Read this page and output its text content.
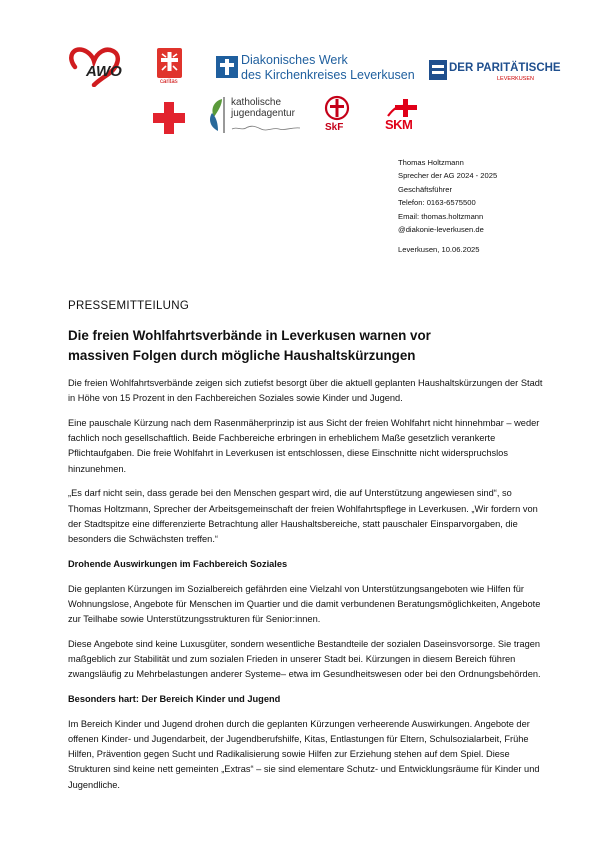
AWO
caritas
Diakonisches Werk
des Kirchenkreises Leverkusen	DER PARITÄTISCHE
LEVERKUSEN
katholische
jugendagentur
SkF	SKM
Thomas Holtzmann
Sprecher der AG 2024 - 2025
Geschäftsführer
Telefon: 0163-6575500
Email: thomas.holtzmann
@diakonie-leverkusen.de
Leverkusen, 10.06.2025
PRESSEMITTEILUNG
Die freien Wohlfahrtsverbände in Leverkusen warnen vor
massiven Folgen durch mögliche Haushaltskürzungen

Die freien Wohlfahrtsverbände zeigen sich zutiefst besorgt über die aktuell geplanten Haushaltskürzungen der Stadt in Höhe von 15 Prozent in den Fachbereichen Soziales sowie Kinder und Jugend.

Eine pauschale Kürzung nach dem Rasenmäherprinzip ist aus Sicht der freien Wohlfahrt nicht hinnehmbar – weder fachlich noch gesellschaftlich. Beide Fachbereiche erbringen in erheblichem Maße gesetzlich verankerte Pflichtaufgaben. Die freie Wohlfahrt in Leverkusen ist entschlossen, diese Einschnitte nicht widerspruchslos hinzunehmen.

„Es darf nicht sein, dass gerade bei den Menschen gespart wird, die auf Unterstützung angewiesen sind“, so Thomas Holtzmann, Sprecher der Arbeitsgemeinschaft der freien Wohlfahrtspflege in Leverkusen. „Wir fordern von der Stadtspitze eine differenzierte Betrachtung aller Haushaltsbereiche, statt pauschaler Einsparvorgaben, die besonders die Schwächsten treffen.“

Drohende Auswirkungen im Fachbereich Soziales

Die geplanten Kürzungen im Sozialbereich gefährden eine Vielzahl von Unterstützungsangeboten wie Hilfen für Wohnungslose, Angebote für Menschen im Quartier und die damit verbundenen Beratungsmöglichkeiten, Angebote zur Teilhabe sowie Unterstützungsstrukturen für Senior:innen.

Diese Angebote sind keine Luxusgüter, sondern wesentliche Bestandteile der sozialen Daseinsvorsorge. Sie tragen maßgeblich zur Stabilität und zum sozialen Frieden in unserer Stadt bei. Kürzungen in diesem Bereich führen zwangsläufig zu Mehrbelastungen anderer Systeme– etwa im Gesundheitswesen oder bei den Ordnungsbehörden.

Besonders hart: Der Bereich Kinder und Jugend

Im Bereich Kinder und Jugend drohen durch die geplanten Kürzungen verheerende Auswirkungen. Angebote der offenen Kinder- und Jugendarbeit, der Jugendberufshilfe, Kitas, Entlastungen für Eltern, Schulsozialarbeit, Frühe Hilfen, Prävention gegen Sucht und Radikalisierung sowie Hilfen zur Erziehung stehen auf dem Spiel. Diese Strukturen sind keine nett gemeinten „Extras“ – sie sind elementare Schutz- und Entwicklungsräume für Kinder und Jugendliche.
